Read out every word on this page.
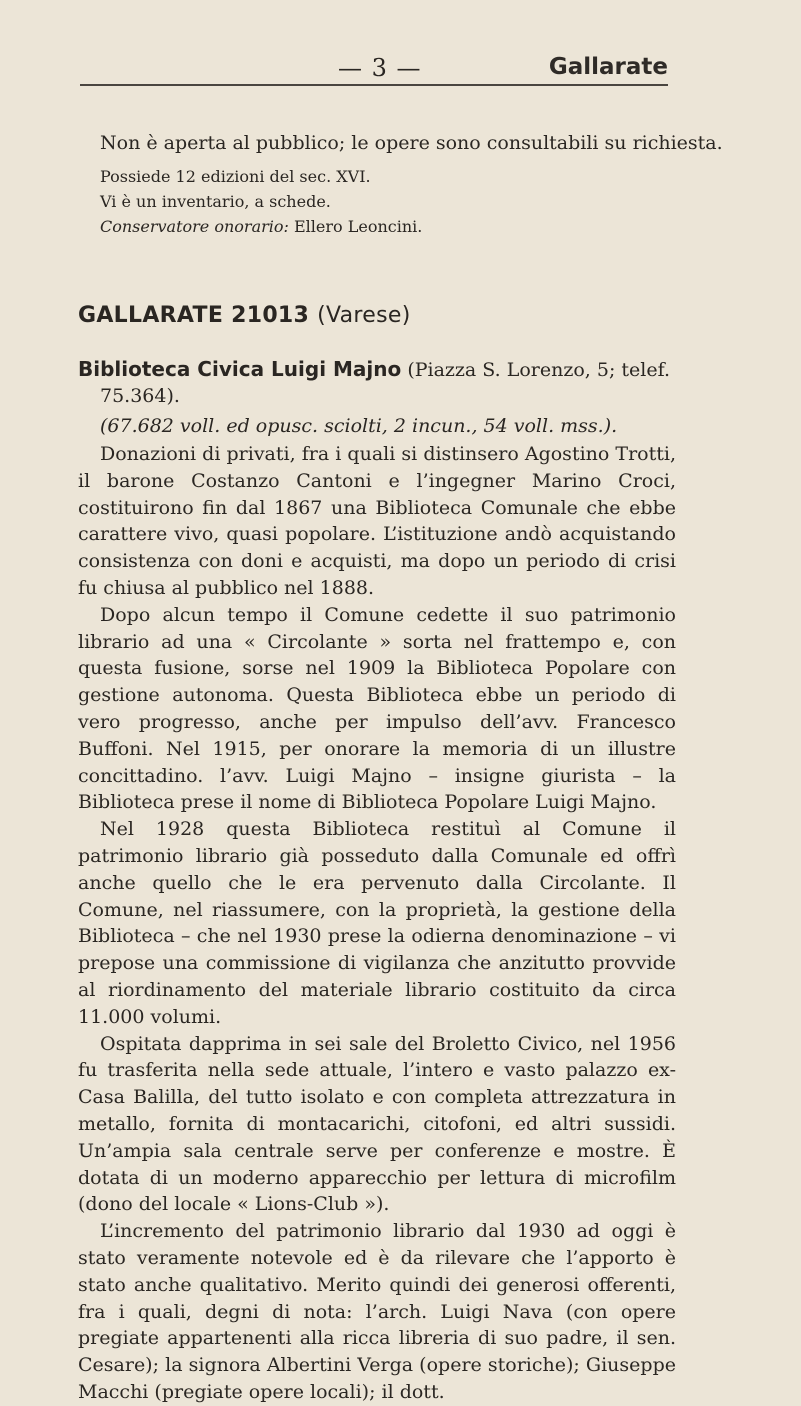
— 3 —	Gallarate

Non è aperta al pubblico; le opere sono consultabili su richiesta.

Possiede 12 edizioni del sec. XVI.

Vi è un inventario, a schede.

Conservatore onorario: Ellero Leoncini.

GALLARATE 21013 (Varese)
Biblioteca Civica Luigi Majno (Piazza S. Lorenzo, 5; telef.
75.364).
(67.682 voll. ed opusc. sciolti, 2 incun., 54 voll. mss.).

Donazioni di privati, fra i quali si distinsero Agostino Trotti, il barone Costanzo Cantoni e l’ingegner Marino Croci, costituirono fin dal 1867 una Biblioteca Comunale che ebbe carattere vivo, quasi popolare. L’istituzione andò acquistando consistenza con doni e acquisti, ma dopo un periodo di crisi fu chiusa al pubblico nel 1888.

Dopo alcun tempo il Comune cedette il suo patrimonio librario ad una « Circolante » sorta nel frattempo e, con questa fusione, sorse nel 1909 la Biblioteca Popolare con gestione autonoma. Questa Biblioteca ebbe un periodo di vero progresso, anche per impulso dell’avv. Francesco Buffoni. Nel 1915, per onorare la memoria di un illustre concittadino. l’avv. Luigi Majno – insigne giurista – la Biblioteca prese il nome di Biblioteca Popolare Luigi Majno.

Nel 1928 questa Biblioteca restituì al Comune il patrimonio librario già posseduto dalla Comunale ed offrì anche quello che le era pervenuto dalla Circolante. Il Comune, nel riassumere, con la proprietà, la gestione della Biblioteca – che nel 1930 prese la odierna denominazione – vi prepose una commissione di vigilanza che anzitutto provvide al riordinamento del materiale librario costituito da circa 11.000 volumi.

Ospitata dapprima in sei sale del Broletto Civico, nel 1956 fu trasferita nella sede attuale, l’intero e vasto palazzo ex-Casa Balilla, del tutto isolato e con completa attrezzatura in metallo, fornita di montacarichi, citofoni, ed altri sussidi. Un’ampia sala centrale serve per conferenze e mostre. È dotata di un moderno apparecchio per lettura di microfilm (dono del locale « Lions-Club »).

L’incremento del patrimonio librario dal 1930 ad oggi è stato veramente notevole ed è da rilevare che l’apporto è stato anche qualitativo. Merito quindi dei generosi offerenti, fra i quali, degni di nota: l’arch. Luigi Nava (con opere pregiate appartenenti alla ricca libreria di suo padre, il sen. Cesare); la signora Albertini Verga (opere storiche); Giuseppe Macchi (pregiate opere locali); il dott.
